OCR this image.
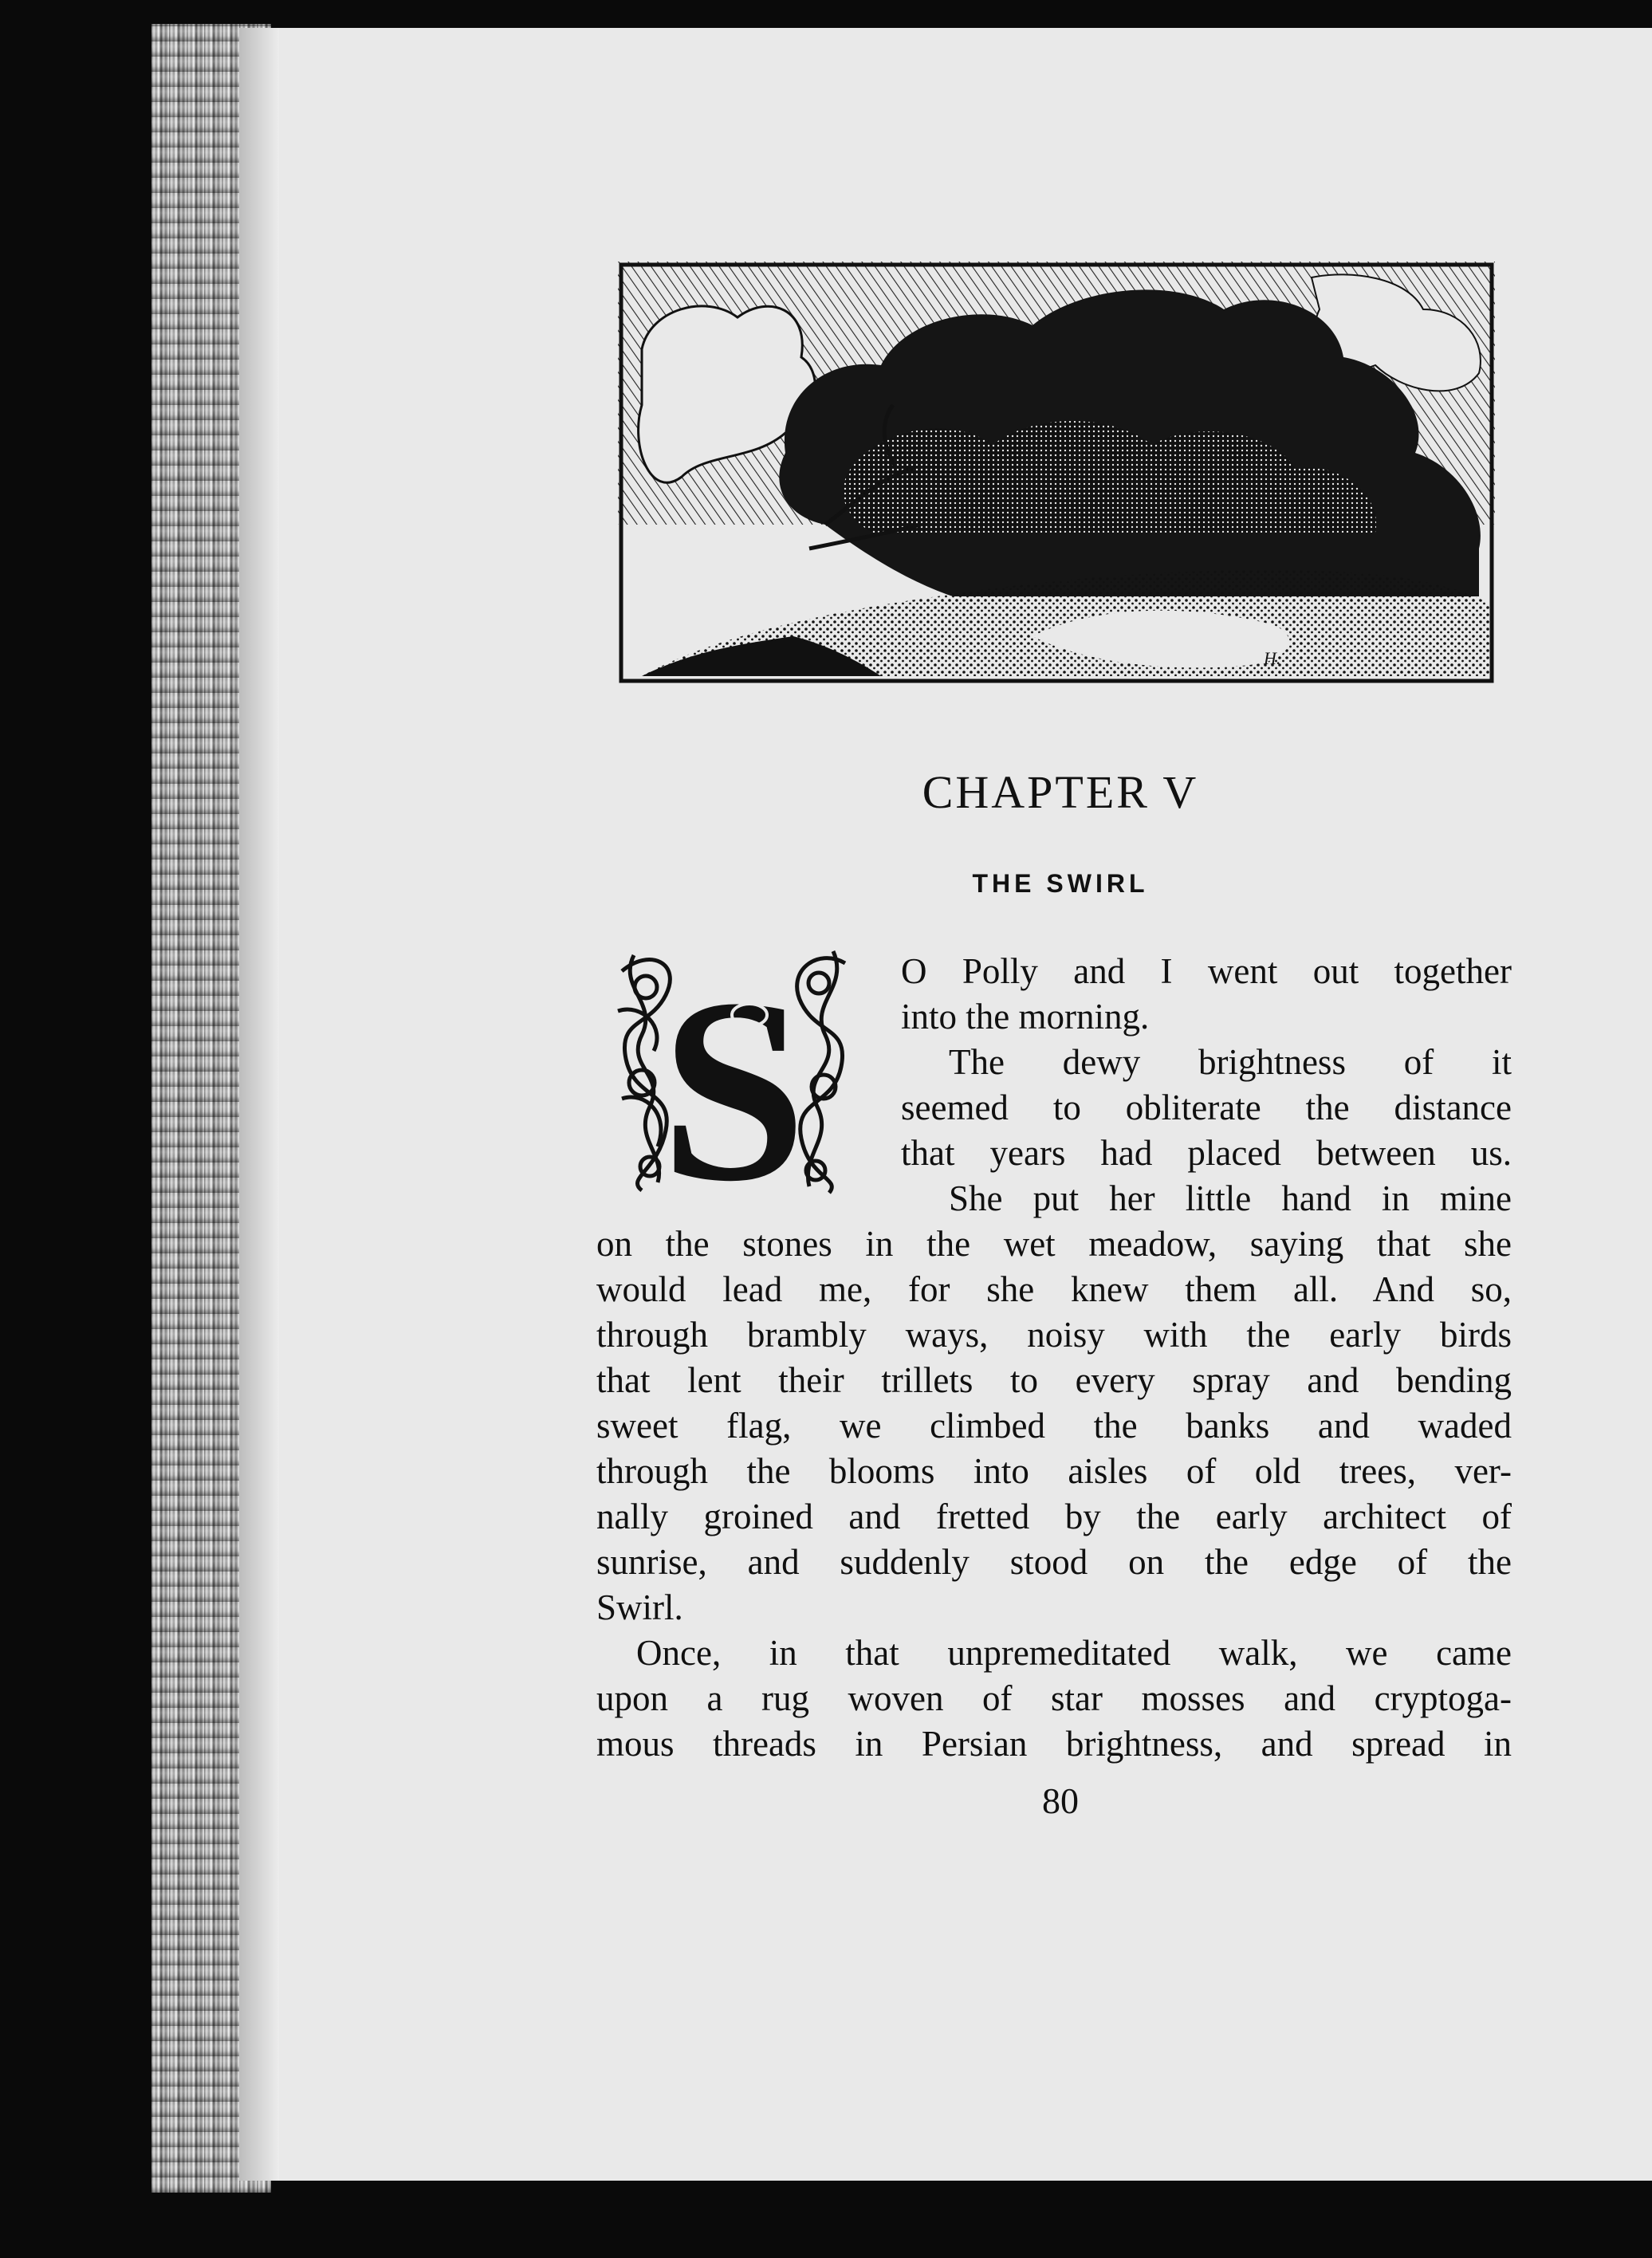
H.
CHAPTER V
THE SWIRL
S	O Polly and I went out together
into the morning.
The dewy brightness of it
seemed to obliterate the distance
that years had placed between us.
She put her little hand in mine
on the stones in the wet meadow, saying that she
would lead me, for she knew them all. And so,
through brambly ways, noisy with the early birds
that lent their trillets to every spray and bending
sweet flag, we climbed the banks and waded
through the blooms into aisles of old trees, ver-
nally groined and fretted by the early architect of
sunrise, and suddenly stood on the edge of the
Swirl.
Once, in that unpremeditated walk, we came
upon a rug woven of star mosses and cryptoga-
mous threads in Persian brightness, and spread in
80
